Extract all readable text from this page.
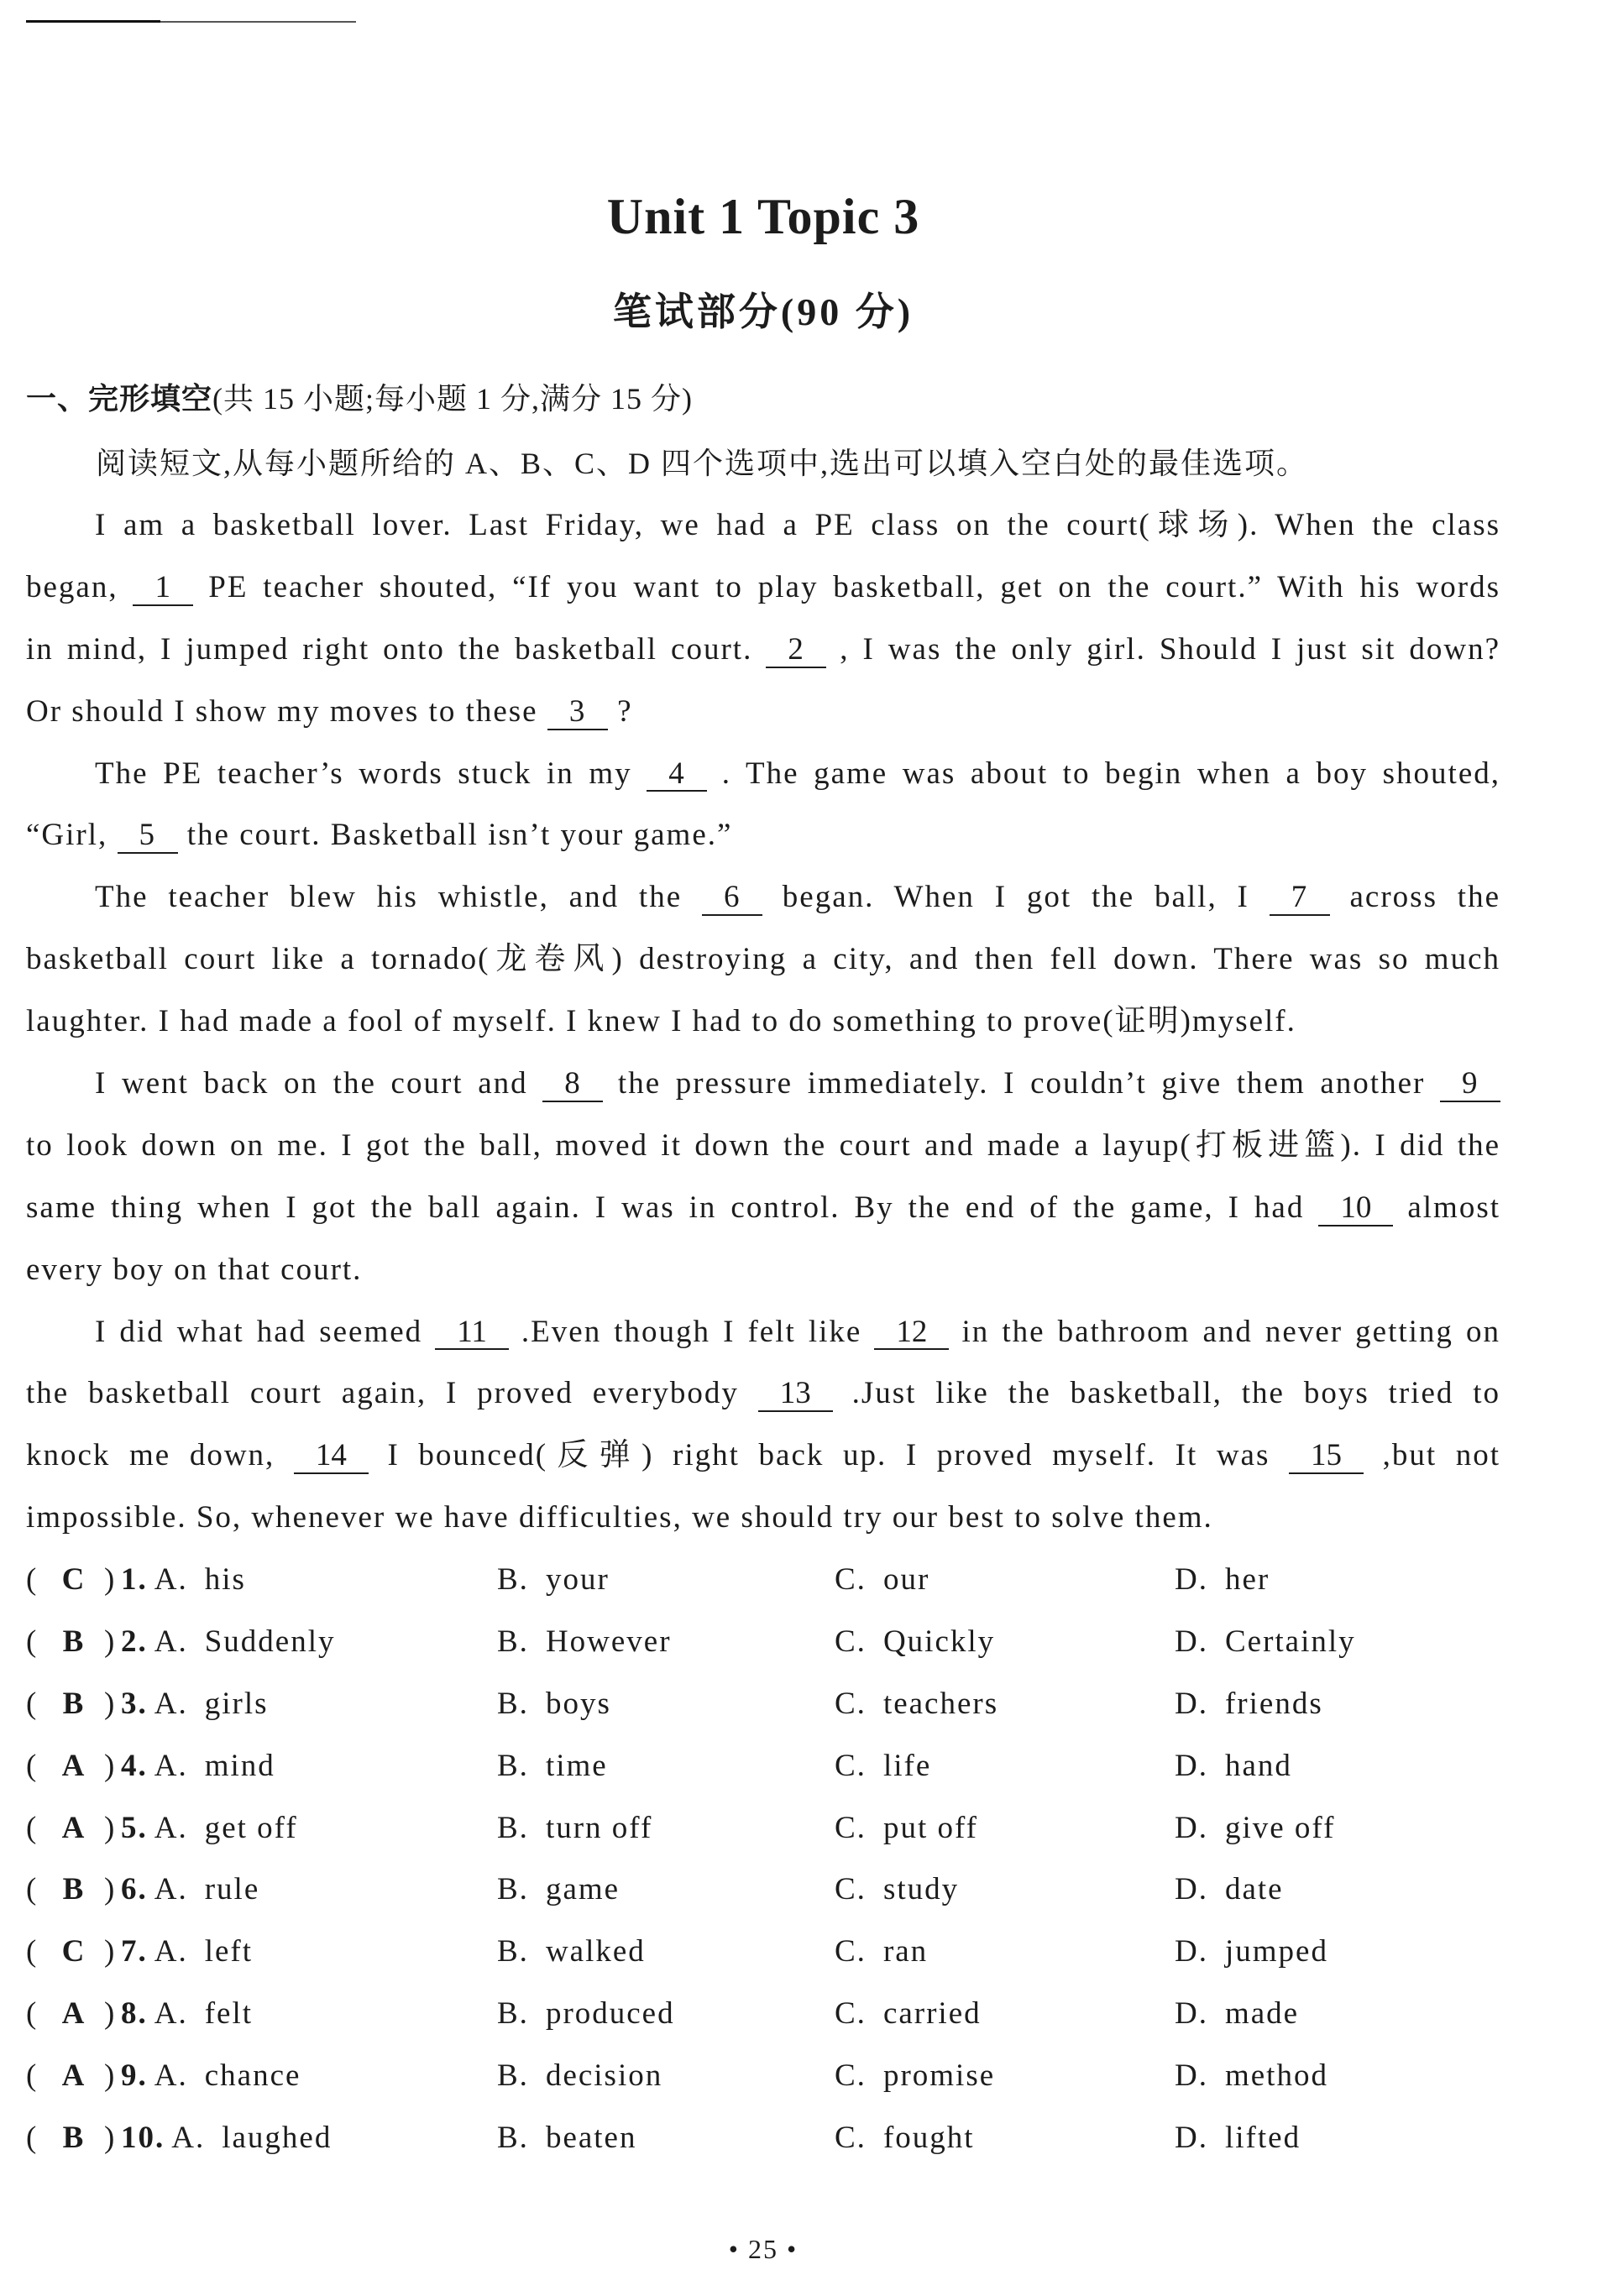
Unit 1 Topic 3
笔试部分(90 分)
一、完形填空(共 15 小题;每小题 1 分,满分 15 分)
阅读短文,从每小题所给的 A、B、C、D 四个选项中,选出可以填入空白处的最佳选项。
I am a basketball lover. Last Friday, we had a PE class on the court(球场). When the class
began, 1 PE teacher shouted, “If you want to play basketball, get on the court.” With his words
in mind, I jumped right onto the basketball court. 2 , I was the only girl. Should I just sit down?
Or should I show my moves to these 3 ?
The PE teacher’s words stuck in my 4 . The game was about to begin when a boy shouted,
“Girl, 5 the court. Basketball isn’t your game.”
The teacher blew his whistle, and the 6 began. When I got the ball, I 7 across the
basketball court like a tornado(龙卷风) destroying a city, and then fell down. There was so much
laughter. I had made a fool of myself. I knew I had to do something to prove(证明)myself.
I went back on the court and 8 the pressure immediately. I couldn’t give them another 9
to look down on me. I got the ball, moved it down the court and made a layup(打板进篮). I did the
same thing when I got the ball again. I was in control. By the end of the game, I had 10 almost
every boy on that court.
I did what had seemed 11 .Even though I felt like 12 in the bathroom and never getting on
the basketball court again, I proved everybody 13 .Just like the basketball, the boys tried to
knock me down, 14 I bounced(反弹) right back up. I proved myself. It was 15 ,but not
impossible. So, whenever we have difficulties, we should try our best to solve them.
( C ) 1. A. his	B. your	C. our	D. her
( B ) 2. A. Suddenly	B. However	C. Quickly	D. Certainly
( B ) 3. A. girls	B. boys	C. teachers	D. friends
( A ) 4. A. mind	B. time	C. life	D. hand
( A ) 5. A. get off	B. turn off	C. put off	D. give off
( B ) 6. A. rule	B. game	C. study	D. date
( C ) 7. A. left	B. walked	C. ran	D. jumped
( A ) 8. A. felt	B. produced	C. carried	D. made
( A ) 9. A. chance	B. decision	C. promise	D. method
( B ) 10. A. laughed	B. beaten	C. fought	D. lifted
• 25 •
